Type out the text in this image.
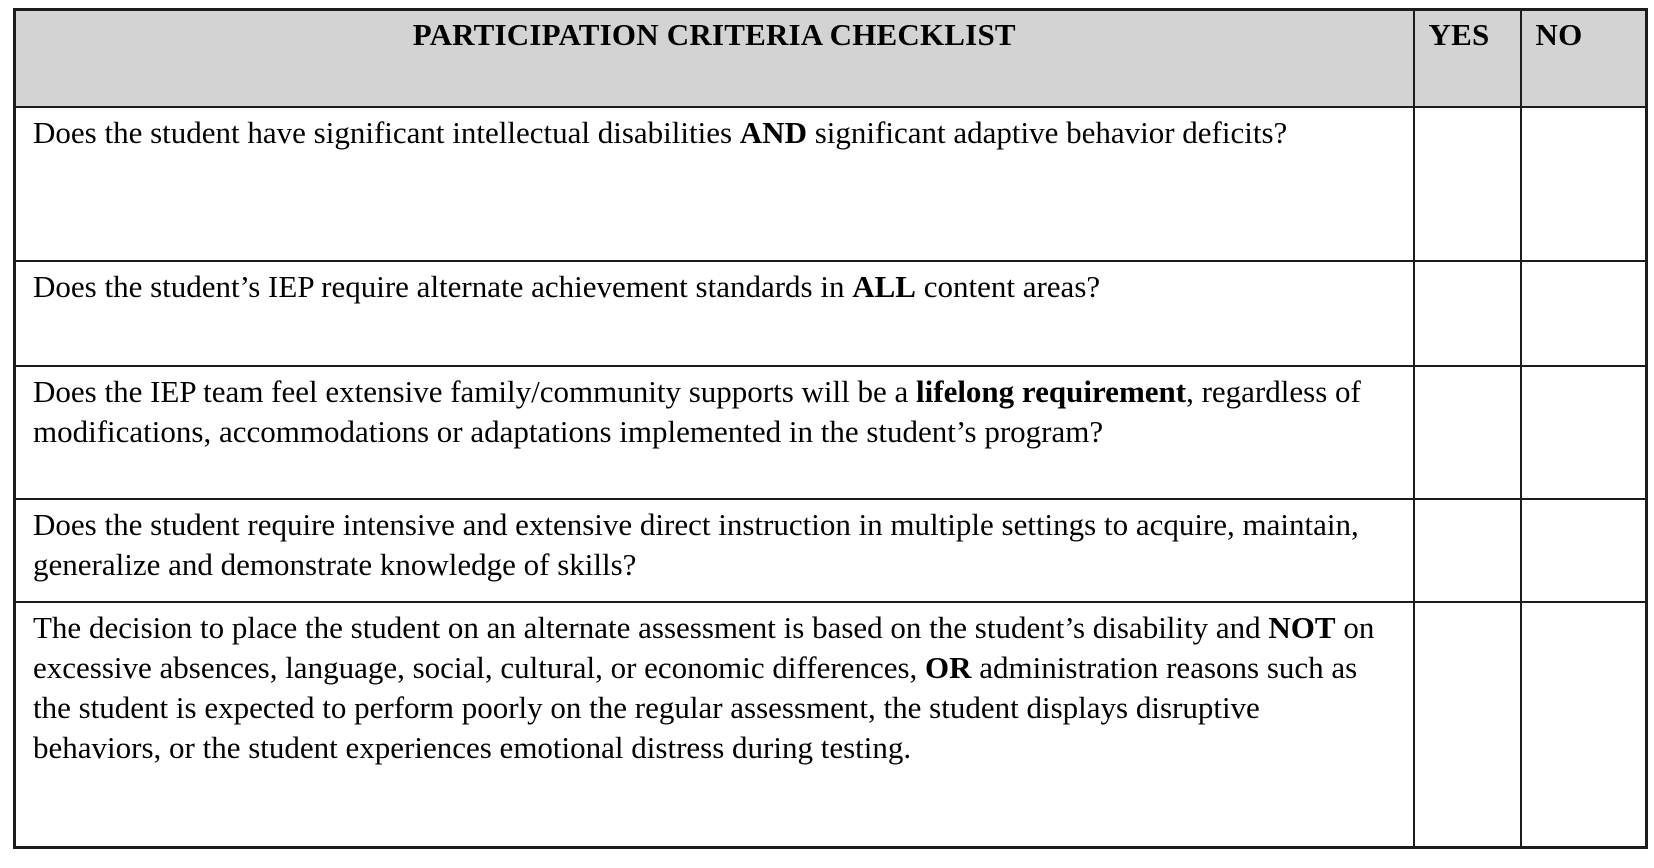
PARTICIPATION CRITERIA CHECKLIST	YES	NO
Does the student have significant intellectual disabilities AND significant adaptive behavior deficits?		
Does the student’s IEP require alternate achievement standards in ALL content areas?		
Does the IEP team feel extensive family/community supports will be a lifelong requirement, regardless of modifications, accommodations or adaptations implemented in the student’s program?		
Does the student require intensive and extensive direct instruction in multiple settings to acquire, maintain, generalize and demonstrate knowledge of skills?		
The decision to place the student on an alternate assessment is based on the student’s disability and NOT on excessive absences, language, social, cultural, or economic differences, OR administration reasons such as the student is expected to perform poorly on the regular assessment, the student displays disruptive behaviors, or the student experiences emotional distress during testing.		
